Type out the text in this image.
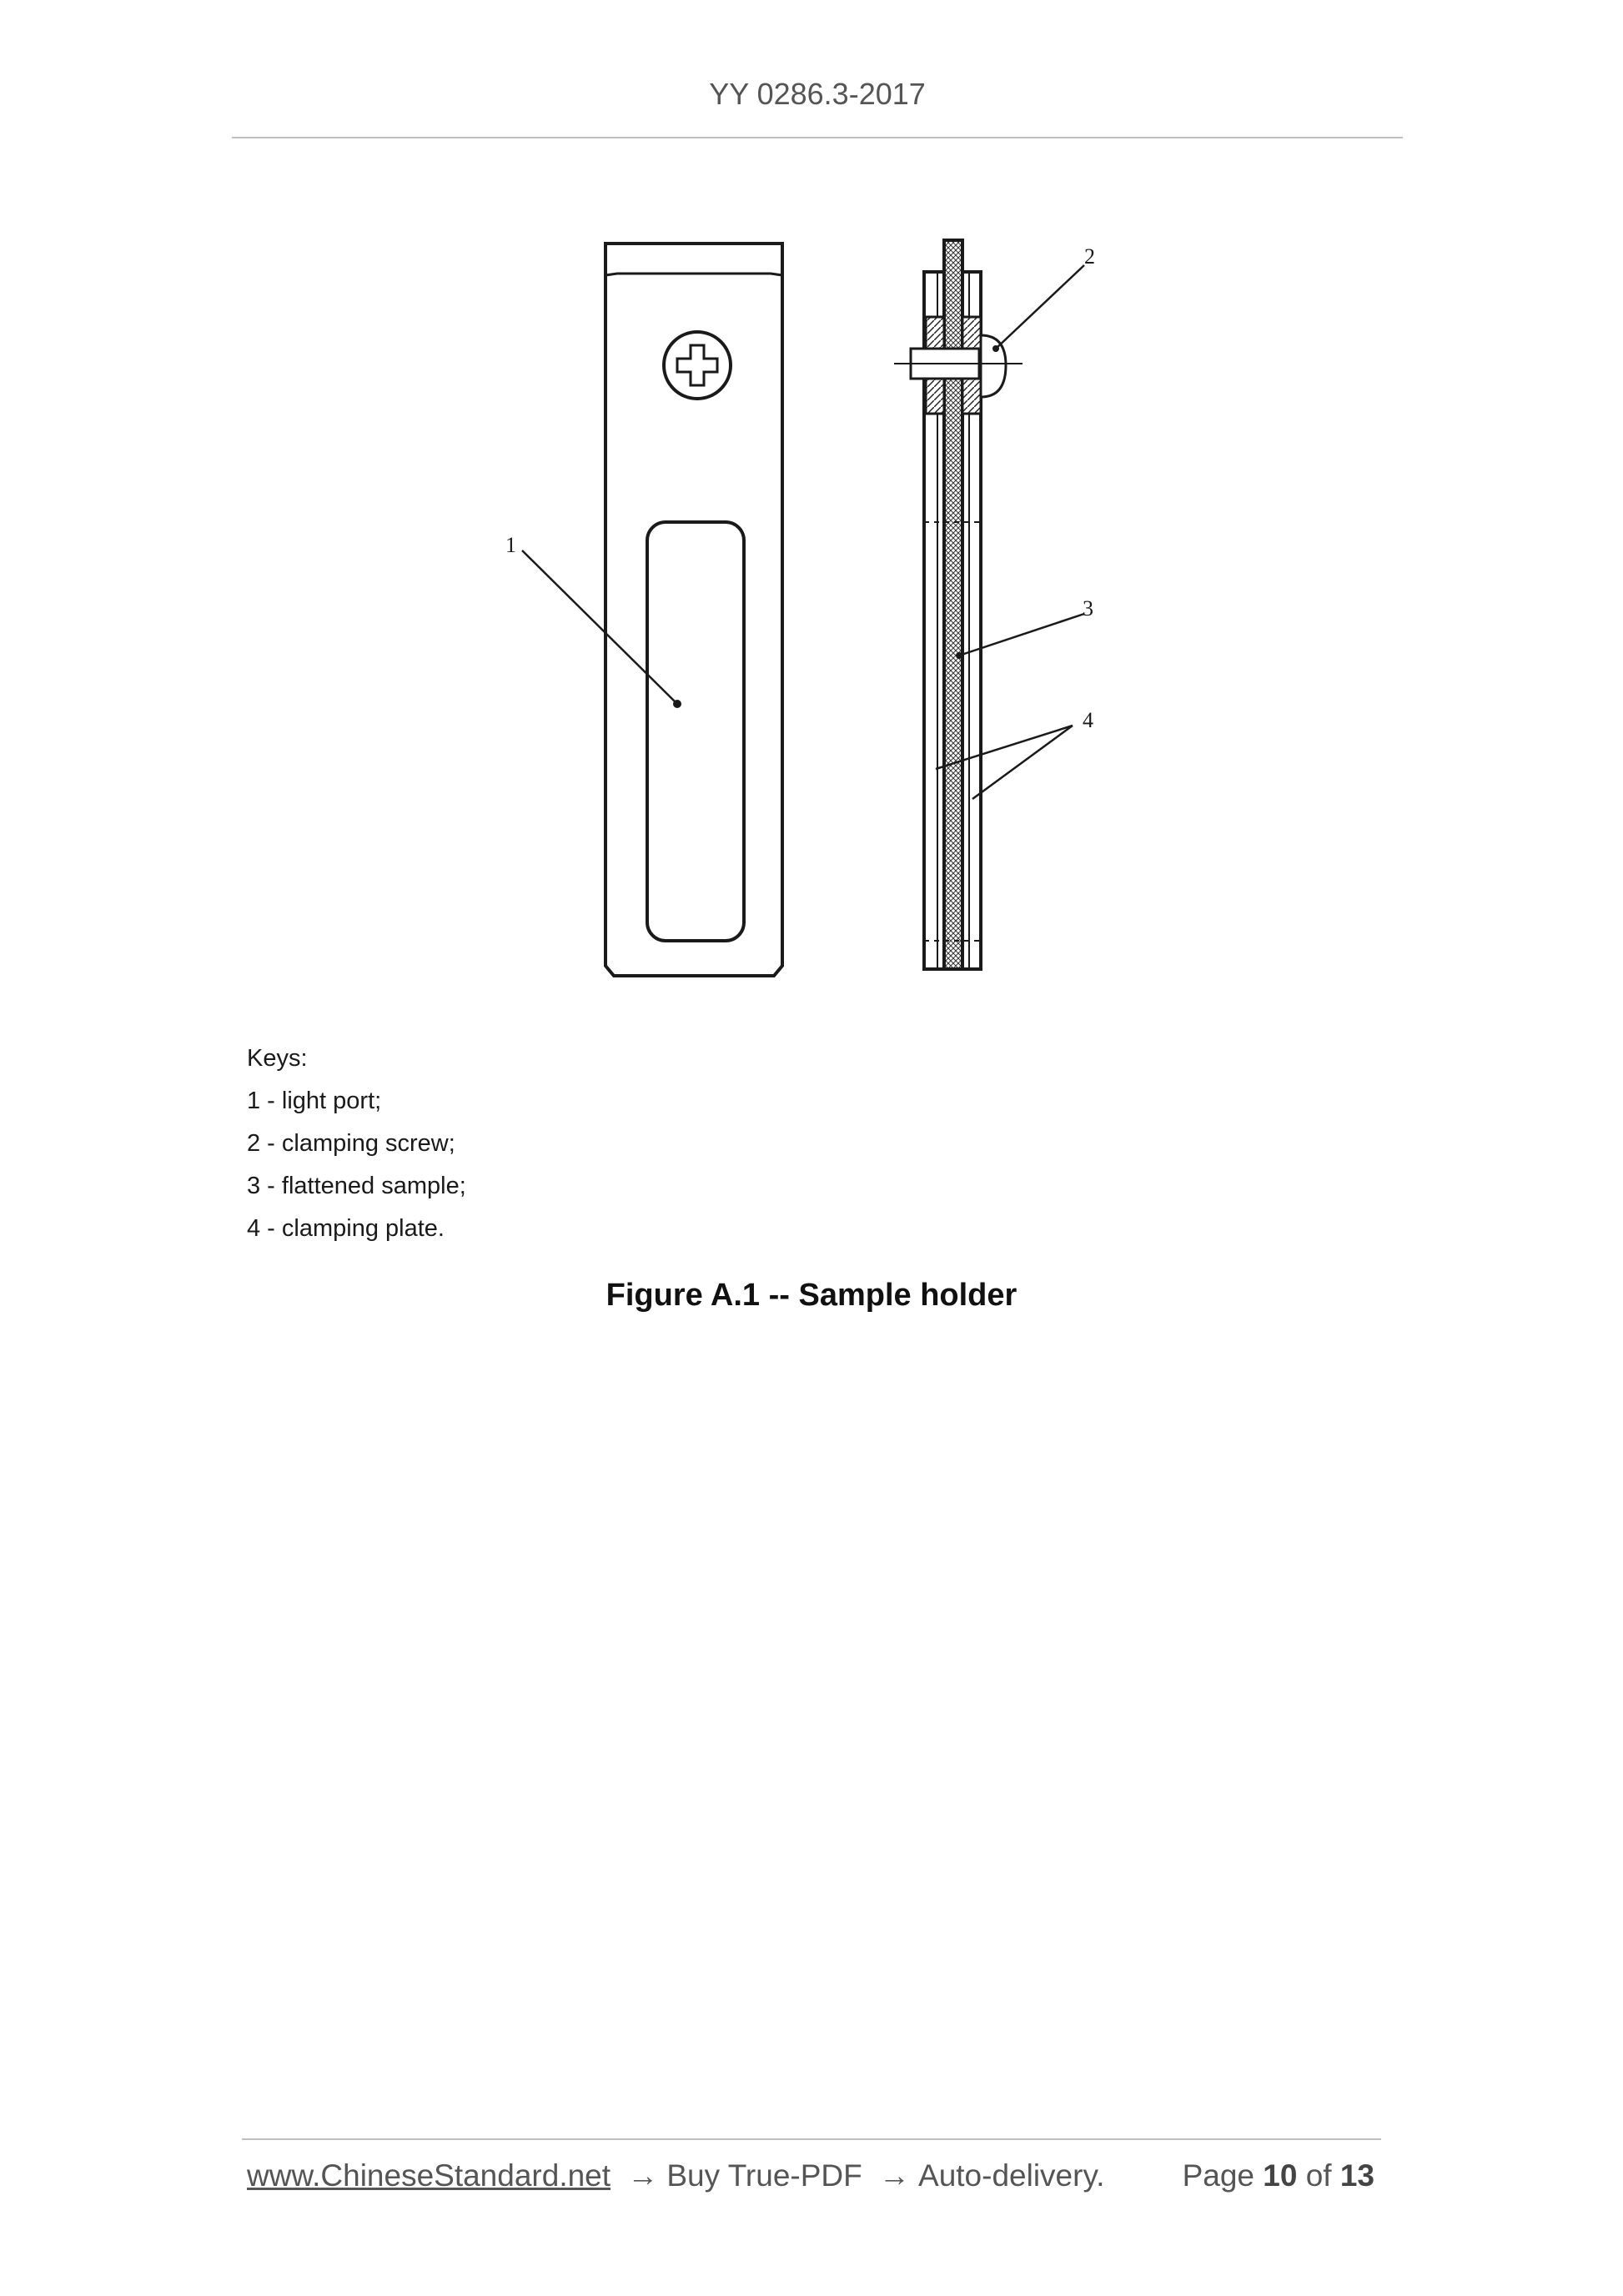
YY 0286.3-2017
1
2
3
4
Keys:
1 - light port;
2 - clamping screw;
3 - flattened sample;
4 - clamping plate.
Figure A.1 -- Sample holder
www.ChineseStandard.net → Buy True-PDF → Auto-delivery.	Page 10 of 13
